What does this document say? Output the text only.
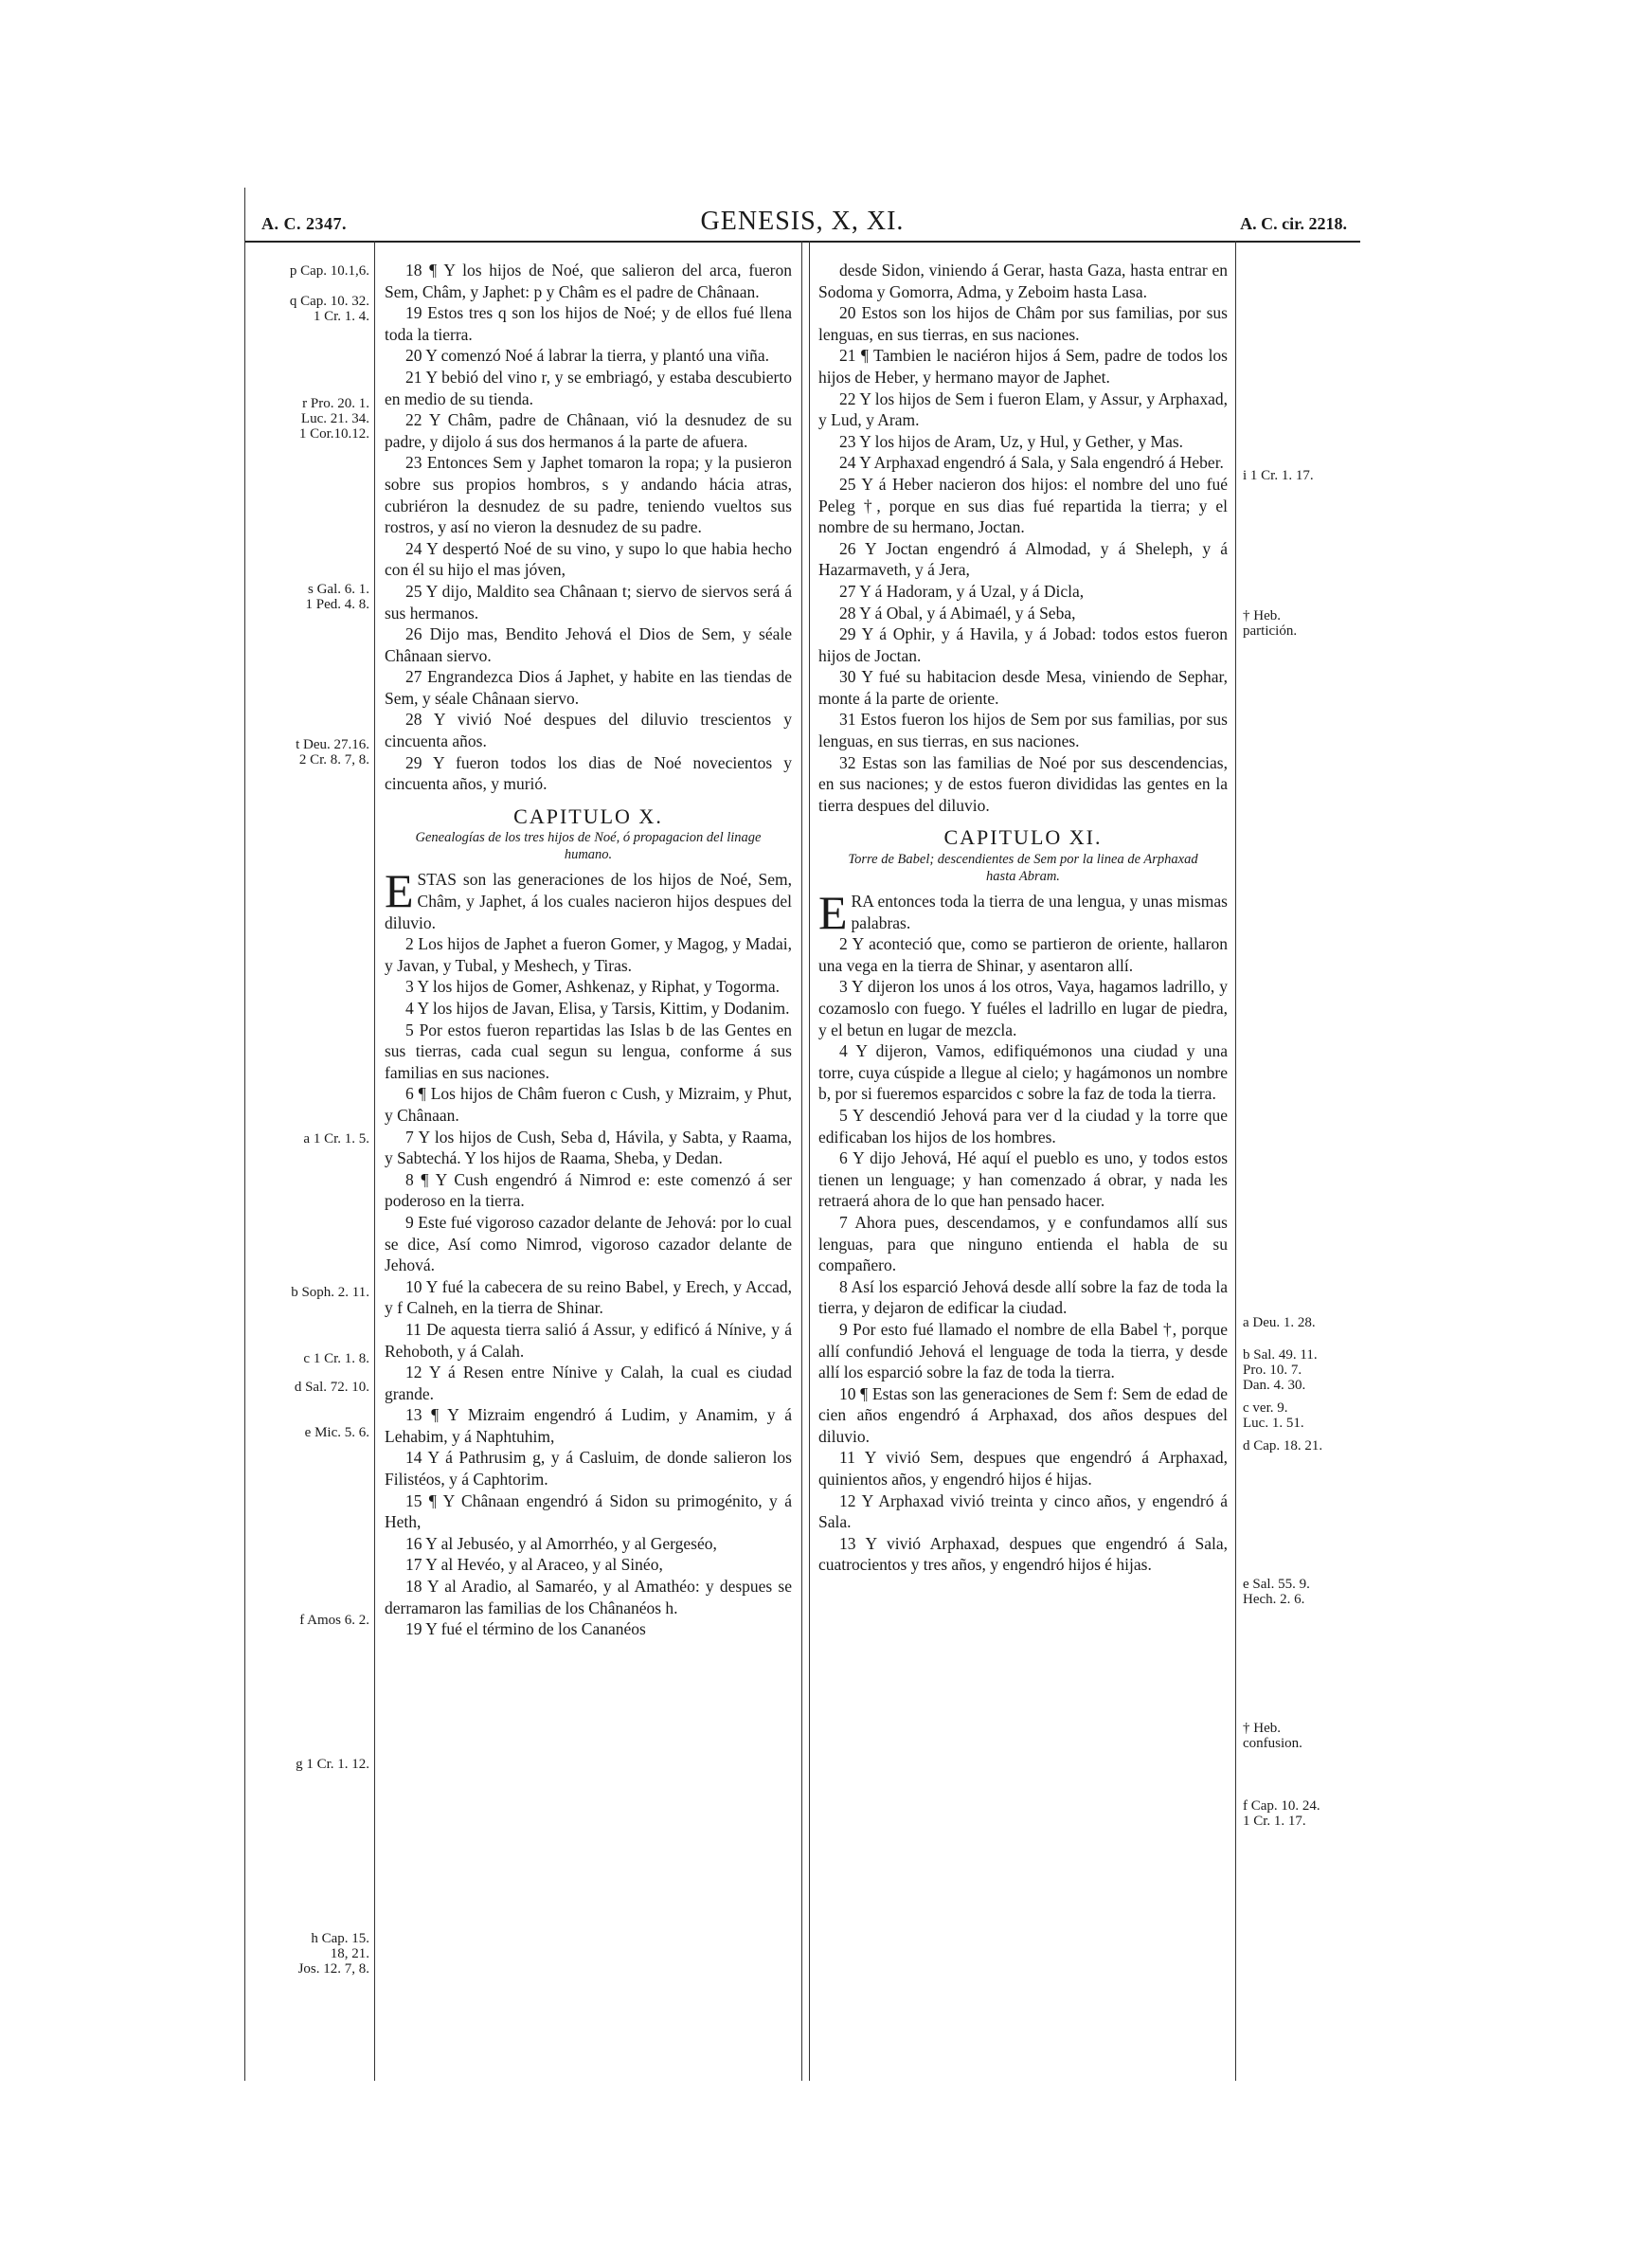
A. C. 2347.	GENESIS, X, XI.	A. C. cir. 2218.
p Cap. 10.1,6.
q Cap. 10. 32.
1 Cr. 1. 4.
r Pro. 20. 1.
Luc. 21. 34.
1 Cor.10.12.
s Gal. 6. 1.
1 Ped. 4. 8.
t Deu. 27.16.
2 Cr. 8. 7, 8.
a 1 Cr. 1. 5.
b Soph. 2. 11.
c 1 Cr. 1. 8.
d Sal. 72. 10.
e Mic. 5. 6.
f Amos 6. 2.
g 1 Cr. 1. 12.
h Cap. 15.
18, 21.
Jos. 12. 7, 8.
i 1 Cr. 1. 17.
† Heb.
partición.
a Deu. 1. 28.
b Sal. 49. 11.
Pro. 10. 7.
Dan. 4. 30.
c ver. 9.
Luc. 1. 51.
d Cap. 18. 21.
e Sal. 55. 9.
Hech. 2. 6.
† Heb.
confusion.
f Cap. 10. 24.
1 Cr. 1. 17.

18 ¶ Y los hijos de Noé, que salieron del arca, fueron Sem, Châm, y Japhet: p y Châm es el padre de Chânaan.

19 Estos tres q son los hijos de Noé; y de ellos fué llena toda la tierra.

20 Y comenzó Noé á labrar la tierra, y plantó una viña.

21 Y bebió del vino r, y se embriagó, y estaba descubierto en medio de su tienda.

22 Y Châm, padre de Chânaan, vió la desnudez de su padre, y dijolo á sus dos hermanos á la parte de afuera.

23 Entonces Sem y Japhet tomaron la ropa; y la pusieron sobre sus propios hombros, s y andando hácia atras, cubriéron la desnudez de su padre, teniendo vueltos sus rostros, y así no vieron la desnudez de su padre.

24 Y despertó Noé de su vino, y supo lo que habia hecho con él su hijo el mas jóven,

25 Y dijo, Maldito sea Chânaan t; siervo de siervos será á sus hermanos.

26 Dijo mas, Bendito Jehová el Dios de Sem, y séale Chânaan siervo.

27 Engrandezca Dios á Japhet, y habite en las tiendas de Sem, y séale Chânaan siervo.

28 Y vivió Noé despues del diluvio trescientos y cincuenta años.

29 Y fueron todos los dias de Noé novecientos y cincuenta años, y murió.

CAPITULO X.
Genealogías de los tres hijos de Noé, ó propagacion del linage humano.

ESTAS son las generaciones de los hijos de Noé, Sem, Châm, y Japhet, á los cuales nacieron hijos despues del diluvio.

2 Los hijos de Japhet a fueron Gomer, y Magog, y Madai, y Javan, y Tubal, y Meshech, y Tiras.

3 Y los hijos de Gomer, Ashkenaz, y Riphat, y Togorma.

4 Y los hijos de Javan, Elisa, y Tarsis, Kittim, y Dodanim.

5 Por estos fueron repartidas las Islas b de las Gentes en sus tierras, cada cual segun su lengua, conforme á sus familias en sus naciones.

6 ¶ Los hijos de Châm fueron c Cush, y Mizraim, y Phut, y Chânaan.

7 Y los hijos de Cush, Seba d, Hávila, y Sabta, y Raama, y Sabtechá. Y los hijos de Raama, Sheba, y Dedan.

8 ¶ Y Cush engendró á Nimrod e: este comenzó á ser poderoso en la tierra.

9 Este fué vigoroso cazador delante de Jehová: por lo cual se dice, Así como Nimrod, vigoroso cazador delante de Jehová.

10 Y fué la cabecera de su reino Babel, y Erech, y Accad, y f Calneh, en la tierra de Shinar.

11 De aquesta tierra salió á Assur, y edificó á Nínive, y á Rehoboth, y á Calah.

12 Y á Resen entre Nínive y Calah, la cual es ciudad grande.

13 ¶ Y Mizraim engendró á Ludim, y Anamim, y á Lehabim, y á Naphtuhim,

14 Y á Pathrusim g, y á Casluim, de donde salieron los Filistéos, y á Caphtorim.

15 ¶ Y Chânaan engendró á Sidon su primogénito, y á Heth,

16 Y al Jebuséo, y al Amorrhéo, y al Gergeséo,

17 Y al Hevéo, y al Araceo, y al Sinéo,

18 Y al Aradio, al Samaréo, y al Amathéo: y despues se derramaron las familias de los Chânanéos h.

19 Y fué el término de los Cananéos

desde Sidon, viniendo á Gerar, hasta Gaza, hasta entrar en Sodoma y Gomorra, Adma, y Zeboim hasta Lasa.

20 Estos son los hijos de Châm por sus familias, por sus lenguas, en sus tierras, en sus naciones.

21 ¶ Tambien le naciéron hijos á Sem, padre de todos los hijos de Heber, y hermano mayor de Japhet.

22 Y los hijos de Sem i fueron Elam, y Assur, y Arphaxad, y Lud, y Aram.

23 Y los hijos de Aram, Uz, y Hul, y Gether, y Mas.

24 Y Arphaxad engendró á Sala, y Sala engendró á Heber.

25 Y á Heber nacieron dos hijos: el nombre del uno fué Peleg †, porque en sus dias fué repartida la tierra; y el nombre de su hermano, Joctan.

26 Y Joctan engendró á Almodad, y á Sheleph, y á Hazarmaveth, y á Jera,

27 Y á Hadoram, y á Uzal, y á Dicla,

28 Y á Obal, y á Abimaél, y á Seba,

29 Y á Ophir, y á Havila, y á Jobad: todos estos fueron hijos de Joctan.

30 Y fué su habitacion desde Mesa, viniendo de Sephar, monte á la parte de oriente.

31 Estos fueron los hijos de Sem por sus familias, por sus lenguas, en sus tierras, en sus naciones.

32 Estas son las familias de Noé por sus descendencias, en sus naciones; y de estos fueron divididas las gentes en la tierra despues del diluvio.

CAPITULO XI.
Torre de Babel; descendientes de Sem por la linea de Arphaxad hasta Abram.

ERA entonces toda la tierra de una lengua, y unas mismas palabras.

2 Y aconteció que, como se partieron de oriente, hallaron una vega en la tierra de Shinar, y asentaron allí.

3 Y dijeron los unos á los otros, Vaya, hagamos ladrillo, y cozamoslo con fuego. Y fuéles el ladrillo en lugar de piedra, y el betun en lugar de mezcla.

4 Y dijeron, Vamos, edifiquémonos una ciudad y una torre, cuya cúspide a llegue al cielo; y hagámonos un nombre b, por si fueremos esparcidos c sobre la faz de toda la tierra.

5 Y descendió Jehová para ver d la ciudad y la torre que edificaban los hijos de los hombres.

6 Y dijo Jehová, Hé aquí el pueblo es uno, y todos estos tienen un lenguage; y han comenzado á obrar, y nada les retraerá ahora de lo que han pensado hacer.

7 Ahora pues, descendamos, y e confundamos allí sus lenguas, para que ninguno entienda el habla de su compañero.

8 Así los esparció Jehová desde allí sobre la faz de toda la tierra, y dejaron de edificar la ciudad.

9 Por esto fué llamado el nombre de ella Babel †, porque allí confundió Jehová el lenguage de toda la tierra, y desde allí los esparció sobre la faz de toda la tierra.

10 ¶ Estas son las generaciones de Sem f: Sem de edad de cien años engendró á Arphaxad, dos años despues del diluvio.

11 Y vivió Sem, despues que engendró á Arphaxad, quinientos años, y engendró hijos é hijas.

12 Y Arphaxad vivió treinta y cinco años, y engendró á Sala.

13 Y vivió Arphaxad, despues que engendró á Sala, cuatrocientos y tres años, y engendró hijos é hijas.
